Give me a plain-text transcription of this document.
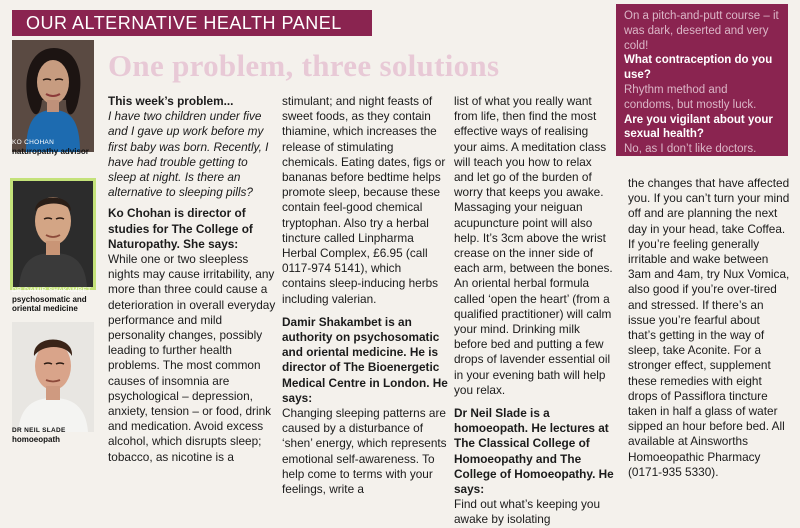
OUR ALTERNATIVE HEALTH PANEL
One problem, three solutions
On a pitch-and-putt course – it was dark, deserted and very cold!
What contraception do you use?
Rhythm method and condoms, but mostly luck.
Are you vigilant about your sexual health?
No, as I don’t like doctors.
KO CHOHAN
naturopathy advisor
DR DAMIR SHAKAMBET
psychosomatic and oriental medicine
DR NEIL SLADE
homoeopath

This week’s problem...

I have two children under five and I gave up work before my first baby was born. Recently, I have had trouble getting to sleep at night. Is there an alternative to sleeping pills?

Ko Chohan is director of studies for The College of Naturopathy. She says:

While one or two sleepless nights may cause irritability, any more than three could cause a deterioration in overall everyday performance and mild personality changes, possibly leading to further health problems. The most common causes of insomnia are psychological – depression, anxiety, tension – or food, drink and medication. Avoid excess alcohol, which disrupts sleep; tobacco, as nicotine is a

stimulant; and night feasts of sweet foods, as they contain thiamine, which increases the release of stimulating chemicals. Eating dates, figs or bananas before bedtime helps promote sleep, because these contain feel-good chemical tryptophan. Also try a herbal tincture called Linpharma Herbal Complex, £6.95 (call 0117-974 5141), which contains sleep-inducing herbs including valerian.

Damir Shakambet is an authority on psychosomatic and oriental medicine. He is director of The Bioenergetic Medical Centre in London. He says:

Changing sleeping patterns are caused by a disturbance of ‘shen’ energy, which represents emotional self-awareness. To help come to terms with your feelings, write a

list of what you really want from life, then find the most effective ways of realising your aims. A meditation class will teach you how to relax and let go of the burden of worry that keeps you awake. Massaging your neiguan acupuncture point will also help. It’s 3cm above the wrist crease on the inner side of each arm, between the bones. An oriental herbal formula called ‘open the heart’ (from a qualified practitioner) will calm your mind. Drinking milk before bed and putting a few drops of lavender essential oil in your evening bath will help you relax.

Dr Neil Slade is a homoeopath. He lectures at The Classical College of Homoeopathy and The College of Homoeopathy. He says:

Find out what’s keeping you awake by isolating

the changes that have affected you. If you can’t turn your mind off and are planning the next day in your head, take Coffea. If you’re feeling generally irritable and wake between 3am and 4am, try Nux Vomica, also good if you’re over-tired and stressed. If there’s an issue you’re fearful about that’s getting in the way of sleep, take Aconite. For a stronger effect, supplement these remedies with eight drops of Passiflora tincture taken in half a glass of water sipped an hour before bed. All available at Ainsworths Homoeopathic Pharmacy (0171-935 5330).
